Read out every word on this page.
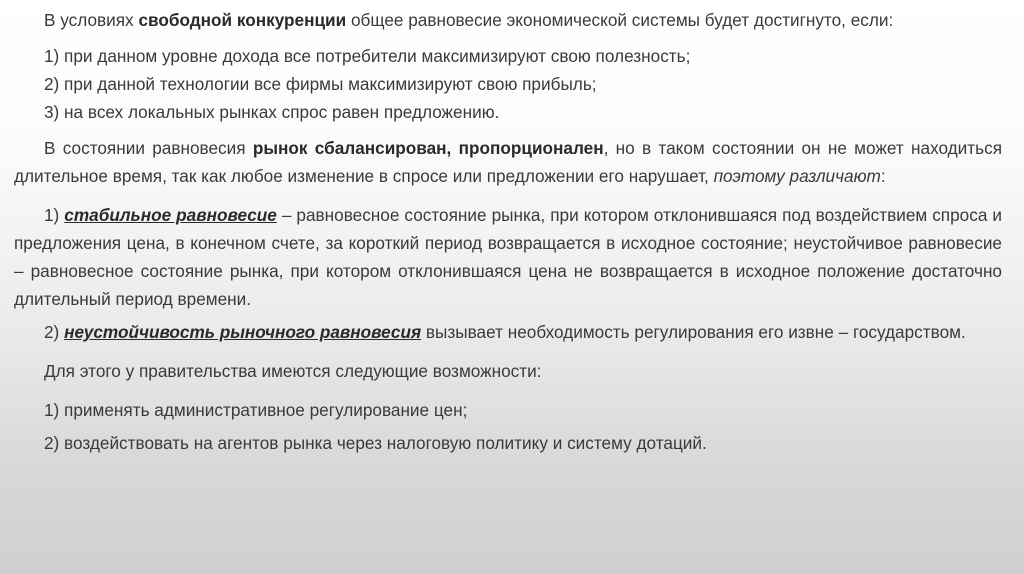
В условиях свободной конкуренции общее равновесие экономической системы будет достигнуто, если:

1) при данном уровне дохода все потребители максимизируют свою полезность;

2) при данной технологии все фирмы максимизируют свою прибыль;

3) на всех локальных рынках спрос равен предложению.

В состоянии равновесия рынок сбалансирован, пропорционален, но в таком состоянии он не может находиться длительное время, так как любое изменение в спросе или предложении его нарушает, поэтому различают:

1) стабильное равновесие – равновесное состояние рынка, при котором отклонившаяся под воздействием спроса и предложения цена, в конечном счете, за короткий период возвращается в исходное состояние; неустойчивое равновесие – равновесное состояние рынка, при котором отклонившаяся цена не возвращается в исходное положение достаточно длительный период времени.

2) неустойчивость рыночного равновесия вызывает необходимость регулирования его извне – государством.

Для этого у правительства имеются следующие возможности:

1) применять административное регулирование цен;

2) воздействовать на агентов рынка через налоговую политику и систему дотаций.
